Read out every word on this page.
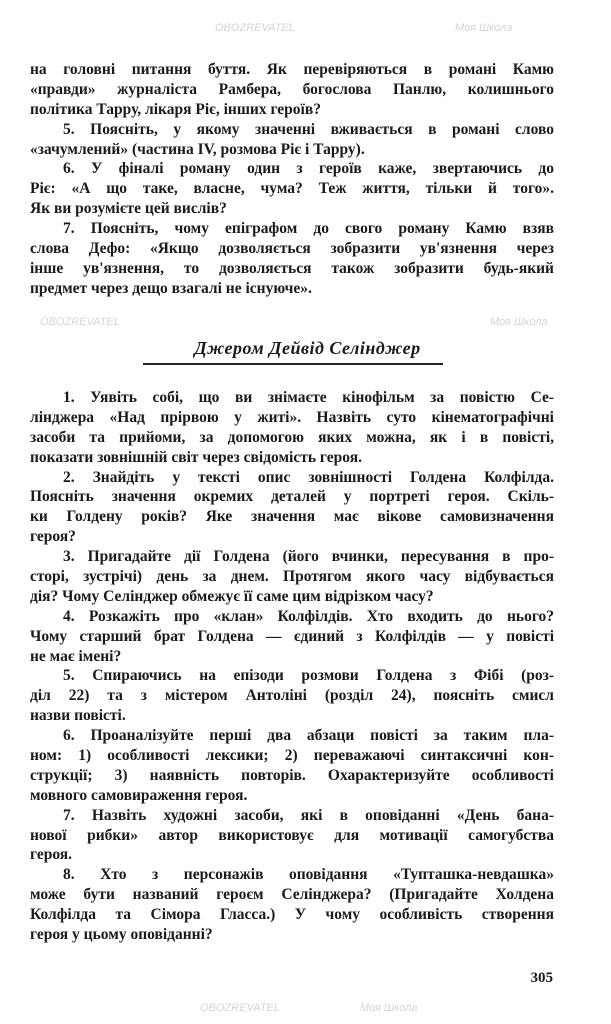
на головні питання буття. Як перевіряються в романі Камю
«правди» журналіста Рамбера, богослова Панлю, колишнього
політика Тарру, лікаря Ріє, інших героїв?
5. Поясніть, у якому значенні вживається в романі слово
«зачумлений» (частина IV, розмова Ріє і Тарру).
6. У фіналі роману один з героїв каже, звертаючись до
Ріє: «А що таке, власне, чума? Теж життя, тільки й того».
Як ви розумієте цей вислів?
7. Поясніть, чому епіграфом до свого роману Камю взяв
слова Дефо: «Якщо дозволяється зобразити ув'язнення через
інше ув'язнення, то дозволяється також зобразити будь-який
предмет через дещо взагалі не існуюче».
Джером Дейвід Селінджер
1. Уявіть собі, що ви знімаєте кінофільм за повістю Се-
лінджера «Над прірвою у житі». Назвіть суто кінематографічні
засоби та прийоми, за допомогою яких можна, як і в повісті,
показати зовнішній світ через свідомість героя.
2. Знайдіть у тексті опис зовнішності Голдена Колфілда.
Поясніть значення окремих деталей у портреті героя. Скіль-
ки Голдену років? Яке значення має вікове самовизначення
героя?
3. Пригадайте дії Голдена (його вчинки, пересування в про-
сторі, зустрічі) день за днем. Протягом якого часу відбувається
дія? Чому Селінджер обмежує її саме цим відрізком часу?
4. Розкажіть про «клан» Колфілдів. Хто входить до нього?
Чому старший брат Голдена — єдиний з Колфілдів — у повісті
не має імені?
5. Спираючись на епізоди розмови Голдена з Фібі (роз-
діл 22) та з містером Антоліні (розділ 24), поясніть смисл
назви повісті.
6. Проаналізуйте перші два абзаци повісті за таким пла-
ном: 1) особливості лексики; 2) переважаючі синтаксичні кон-
струкції; 3) наявність повторів. Охарактеризуйте особливості
мовного самовираження героя.
7. Назвіть художні засоби, які в оповіданні «День бана-
нової рибки» автор використовує для мотивації самогубства
героя.
8. Хто з персонажів оповідання «Тупташка-невдашка»
може бути названий героєм Селінджера? (Пригадайте Холдена
Колфілда та Сімора Гласса.) У чому особливість створення
героя у цьому оповіданні?
305
Моя Школа
OBOZREVATEL
OBOZREVATEL	Моя Школа
OBOZREVATEL	Моя Школа
